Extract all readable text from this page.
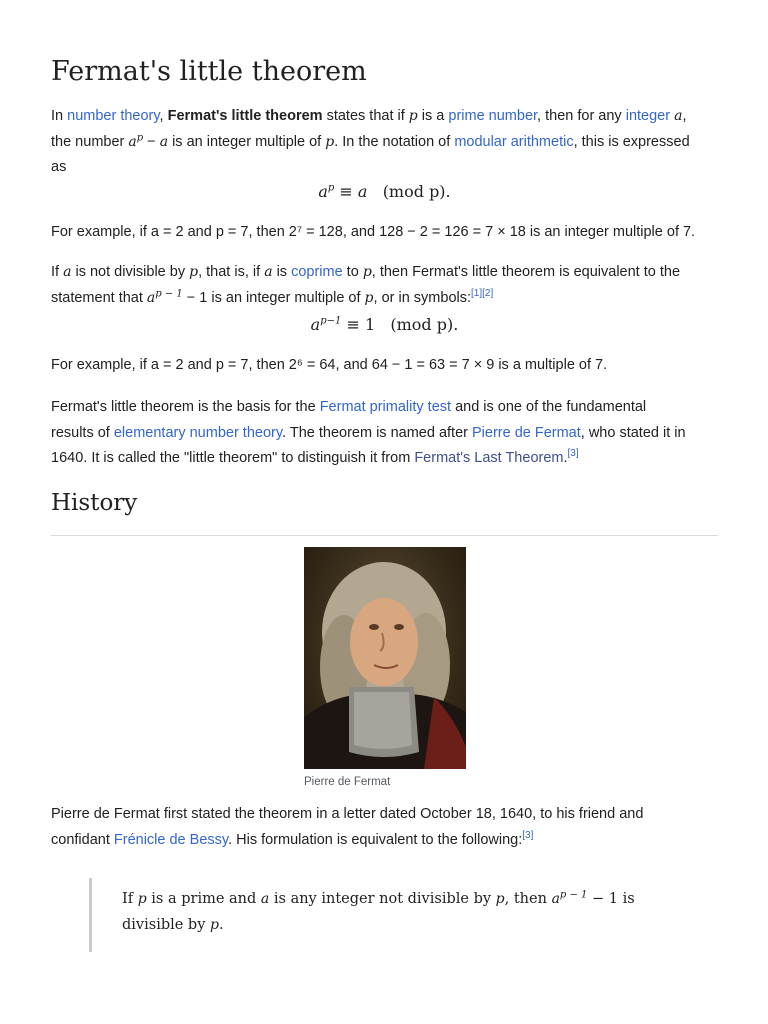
Fermat's little theorem

In number theory, Fermat's little theorem states that if p is a prime number, then for any integer a,
the number $a^p - a$ is an integer multiple of p. In the notation of modular arithmetic, this is expressed
as

$a^p \equiv a$ (mod p).

For example, if a = 2 and p = 7, then 2⁷ = 128, and 128 − 2 = 126 = 7 × 18 is an integer multiple of 7.

If a is not divisible by p, that is, if a is coprime to p, then Fermat's little theorem is equivalent to the
statement that $a^{p - 1} - 1$ is an integer multiple of p, or in symbols:[1][2]

$a^{p-1} \equiv 1$   (mod p).

For example, if a = 2 and p = 7, then 2⁶ = 64, and 64 − 1 = 63 = 7 × 9 is a multiple of 7.

Fermat's little theorem is the basis for the Fermat primality test and is one of the fundamental
results of elementary number theory. The theorem is named after Pierre de Fermat, who stated it in
1640. It is called the "little theorem" to distinguish it from Fermat's Last Theorem.[3]

History
Pierre de Fermat

Pierre de Fermat first stated the theorem in a letter dated October 18, 1640, to his friend and
confidant Frénicle de Bessy. His formulation is equivalent to the following:[3]

If p is a prime and a is any integer not divisible by p, then $a^{p - 1} - 1$ is
divisible by p.
